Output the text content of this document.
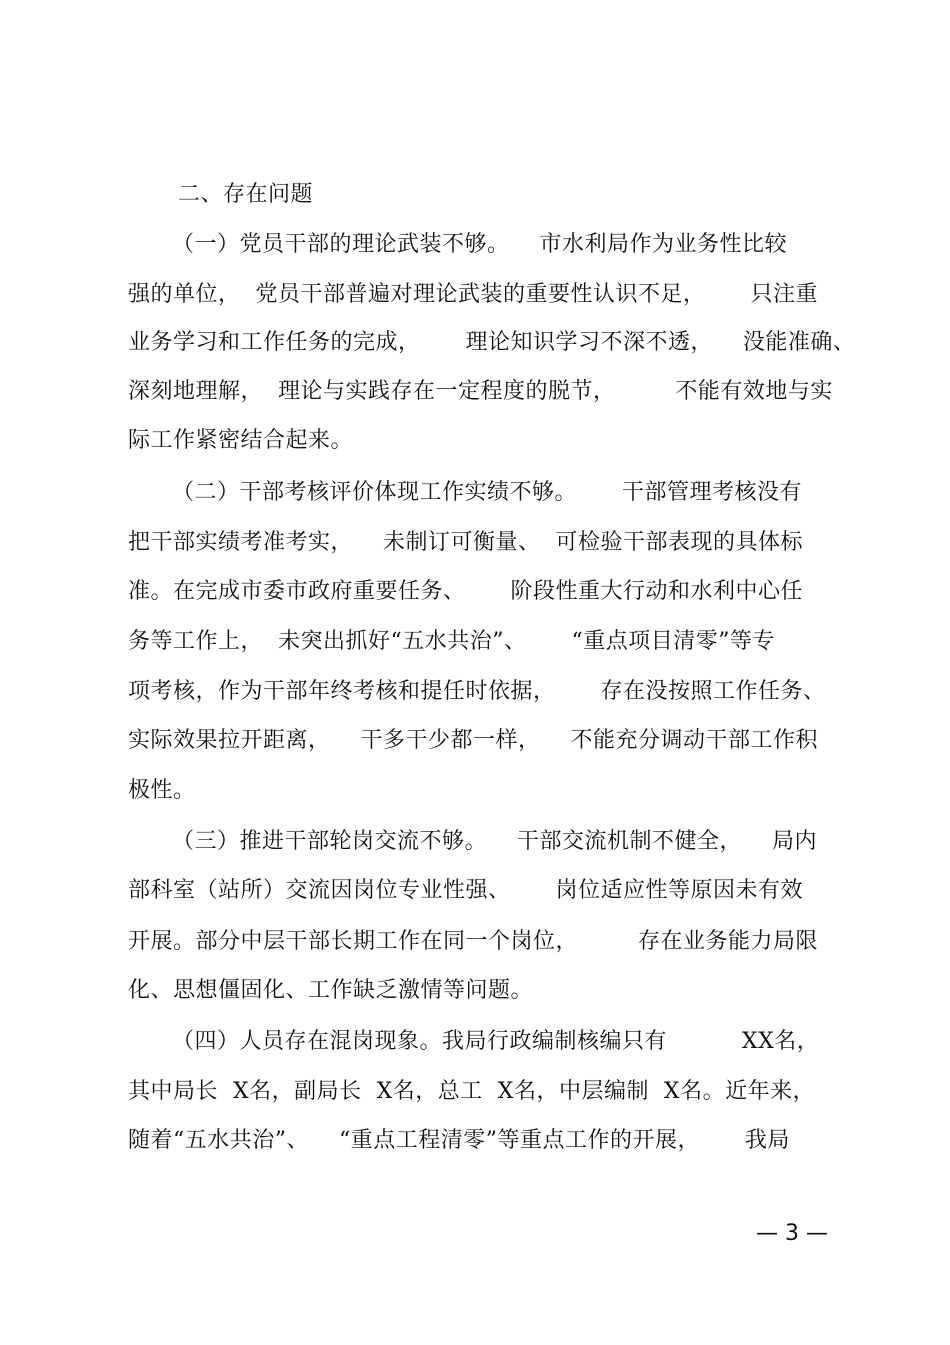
二、存在问题
（一）党员干部的理论武装不够。    市水利局作为业务性比较
强的单位，  党员干部普遍对理论武装的重要性认识不足，      只注重
业务学习和工作任务的完成，      理论知识学习不深不透，    没能准确、
深刻地理解，  理论与实践存在一定程度的脱节，        不能有效地与实
际工作紧密结合起来。
（二）干部考核评价体现工作实绩不够。      干部管理考核没有
把干部实绩考准考实，    未制订可衡量、  可检验干部表现的具体标
准。在完成市委市政府重要任务、      阶段性重大行动和水利中心任
务等工作上，  未突出抓好“五水共治”、      “重点项目清零”等专
项考核，作为干部年终考核和提任时依据，      存在没按照工作任务、
实际效果拉开距离，    干多干少都一样，    不能充分调动干部工作积
极性。
（三）推进干部轮岗交流不够。    干部交流机制不健全，    局内
部科室（站所）交流因岗位专业性强、      岗位适应性等原因未有效
开展。部分中层干部长期工作在同一个岗位，        存在业务能力局限
化、思想僵固化、工作缺乏激情等问题。
（四）人员存在混岗现象。我局行政编制核编只有          XX名，
其中局长  X名，副局长  X名，总工  X名，中层编制  X名。近年来，
随着“五水共治”、    “重点工程清零”等重点工作的开展，      我局
— 3 —
